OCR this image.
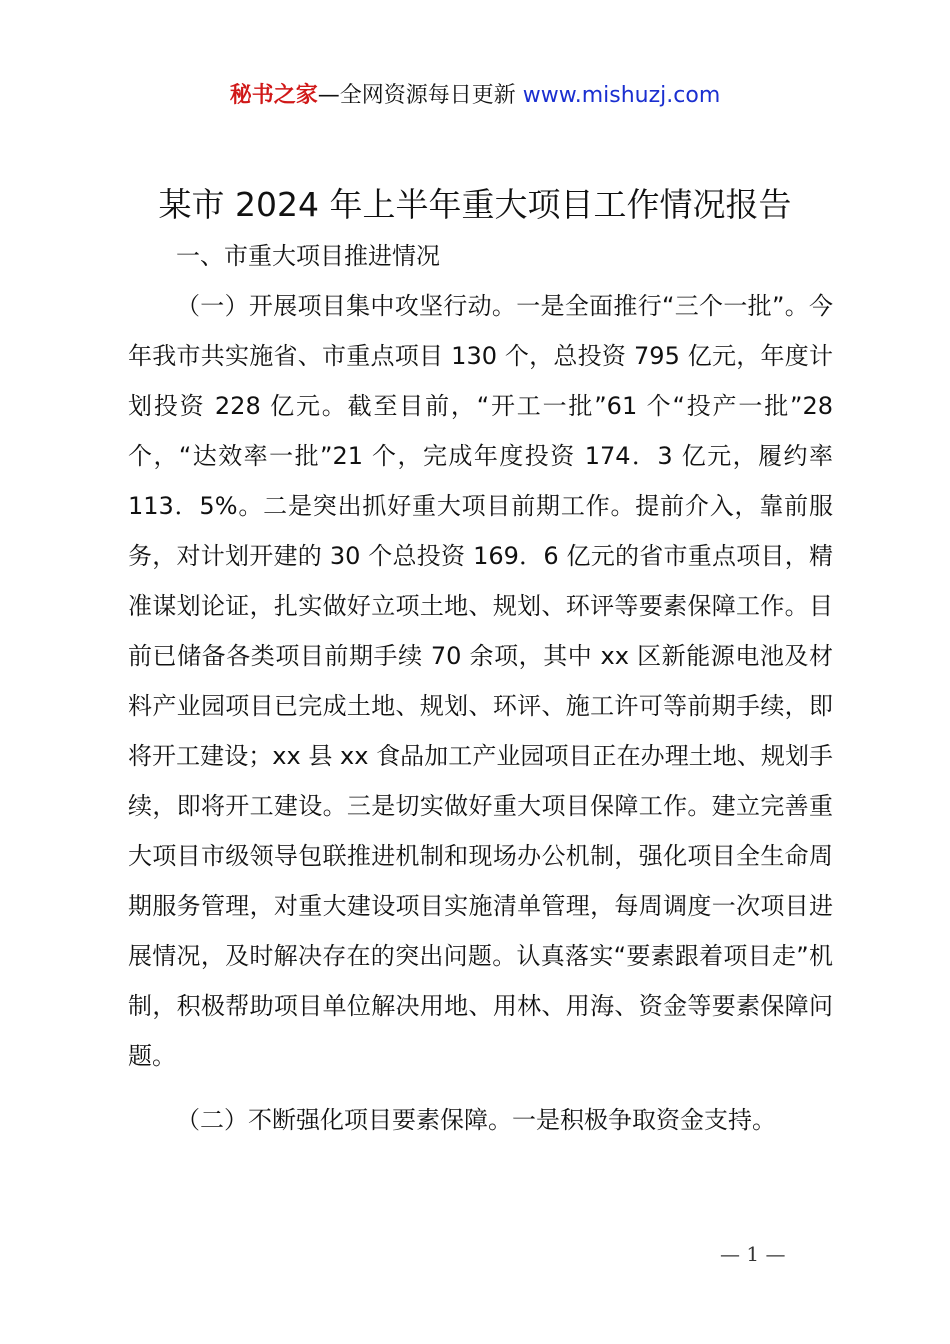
秘书之家—全网资源每日更新 www.mishuzj.com
某市 2024 年上半年重大项目工作情况报告

一、市重大项目推进情况

（一）开展项目集中攻坚行动。一是全面推行“三个一批”。今年我市共实施省、市重点项目 130 个，总投资 795 亿元，年度计划投资 228 亿元。截至目前，“开工一批”61 个“投产一批”28 个，“达效率一批”21 个，完成年度投资 174．3 亿元，履约率 113．5%。二是突出抓好重大项目前期工作。提前介入，靠前服务，对计划开建的 30 个总投资 169．6 亿元的省市重点项目，精准谋划论证，扎实做好立项土地、规划、环评等要素保障工作。目前已储备各类项目前期手续 70 余项，其中 xx 区新能源电池及材料产业园项目已完成土地、规划、环评、施工许可等前期手续，即将开工建设；xx 县 xx 食品加工产业园项目正在办理土地、规划手续，即将开工建设。三是切实做好重大项目保障工作。建立完善重大项目市级领导包联推进机制和现场办公机制，强化项目全生命周期服务管理，对重大建设项目实施清单管理，每周调度一次项目进展情况，及时解决存在的突出问题。认真落实“要素跟着项目走”机制，积极帮助项目单位解决用地、用林、用海、资金等要素保障问题。

（二）不断强化项目要素保障。一是积极争取资金支持。

— 1 —
